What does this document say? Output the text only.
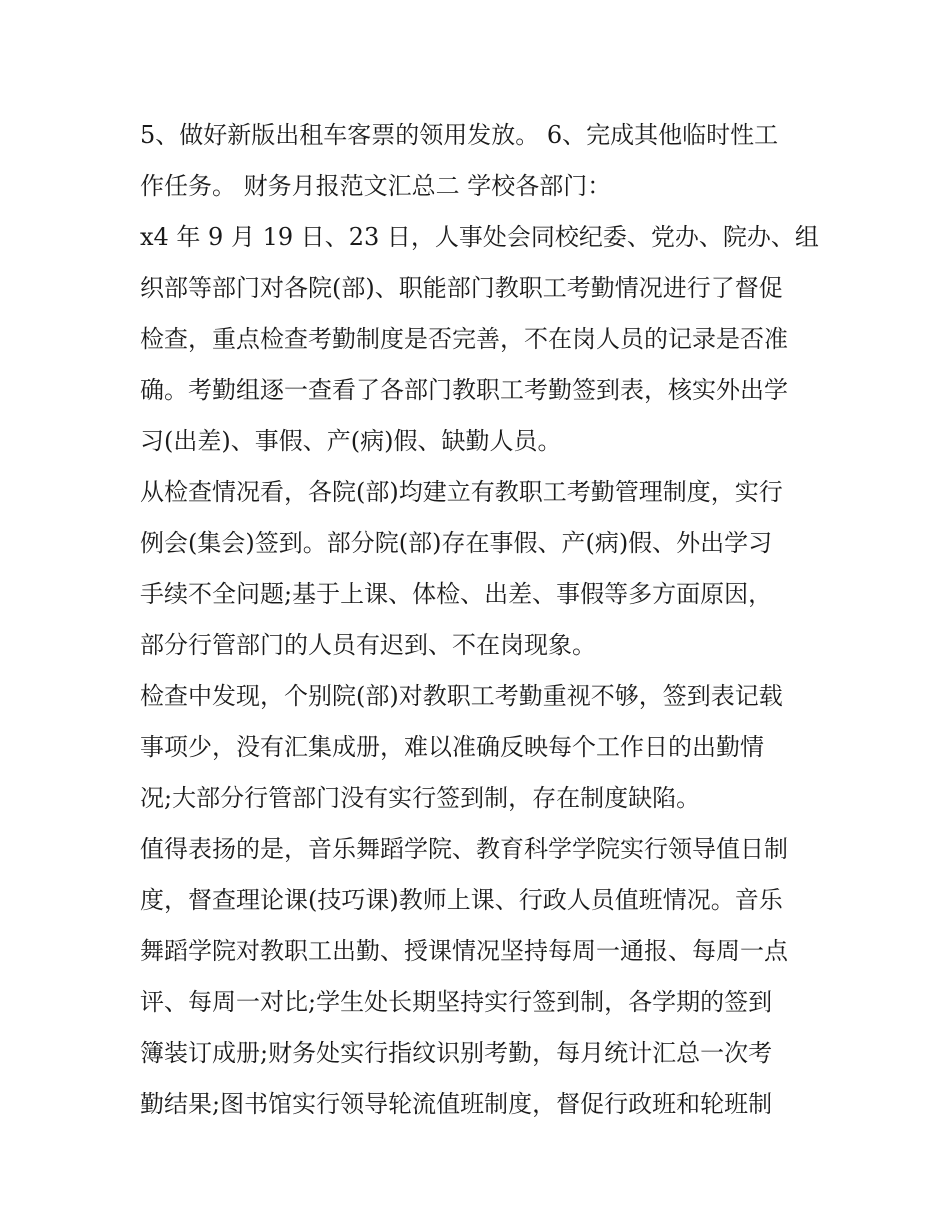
5、做好新版出租车客票的领用发放。 6、完成其他临时性工
作任务。 财务月报范文汇总二 学校各部门：
x4 年 9 月 19 日、23 日，人事处会同校纪委、党办、院办、组
织部等部门对各院(部)、职能部门教职工考勤情况进行了督促
检查，重点检查考勤制度是否完善，不在岗人员的记录是否准
确。考勤组逐一查看了各部门教职工考勤签到表，核实外出学
习(出差)、事假、产(病)假、缺勤人员。
从检查情况看，各院(部)均建立有教职工考勤管理制度，实行
例会(集会)签到。部分院(部)存在事假、产(病)假、外出学习
手续不全问题;基于上课、体检、出差、事假等多方面原因，
部分行管部门的人员有迟到、不在岗现象。
检查中发现，个别院(部)对教职工考勤重视不够，签到表记载
事项少，没有汇集成册，难以准确反映每个工作日的出勤情
况;大部分行管部门没有实行签到制，存在制度缺陷。
值得表扬的是，音乐舞蹈学院、教育科学学院实行领导值日制
度，督查理论课(技巧课)教师上课、行政人员值班情况。音乐
舞蹈学院对教职工出勤、授课情况坚持每周一通报、每周一点
评、每周一对比;学生处长期坚持实行签到制，各学期的签到
簿装订成册;财务处实行指纹识别考勤，每月统计汇总一次考
勤结果;图书馆实行领导轮流值班制度，督促行政班和轮班制
